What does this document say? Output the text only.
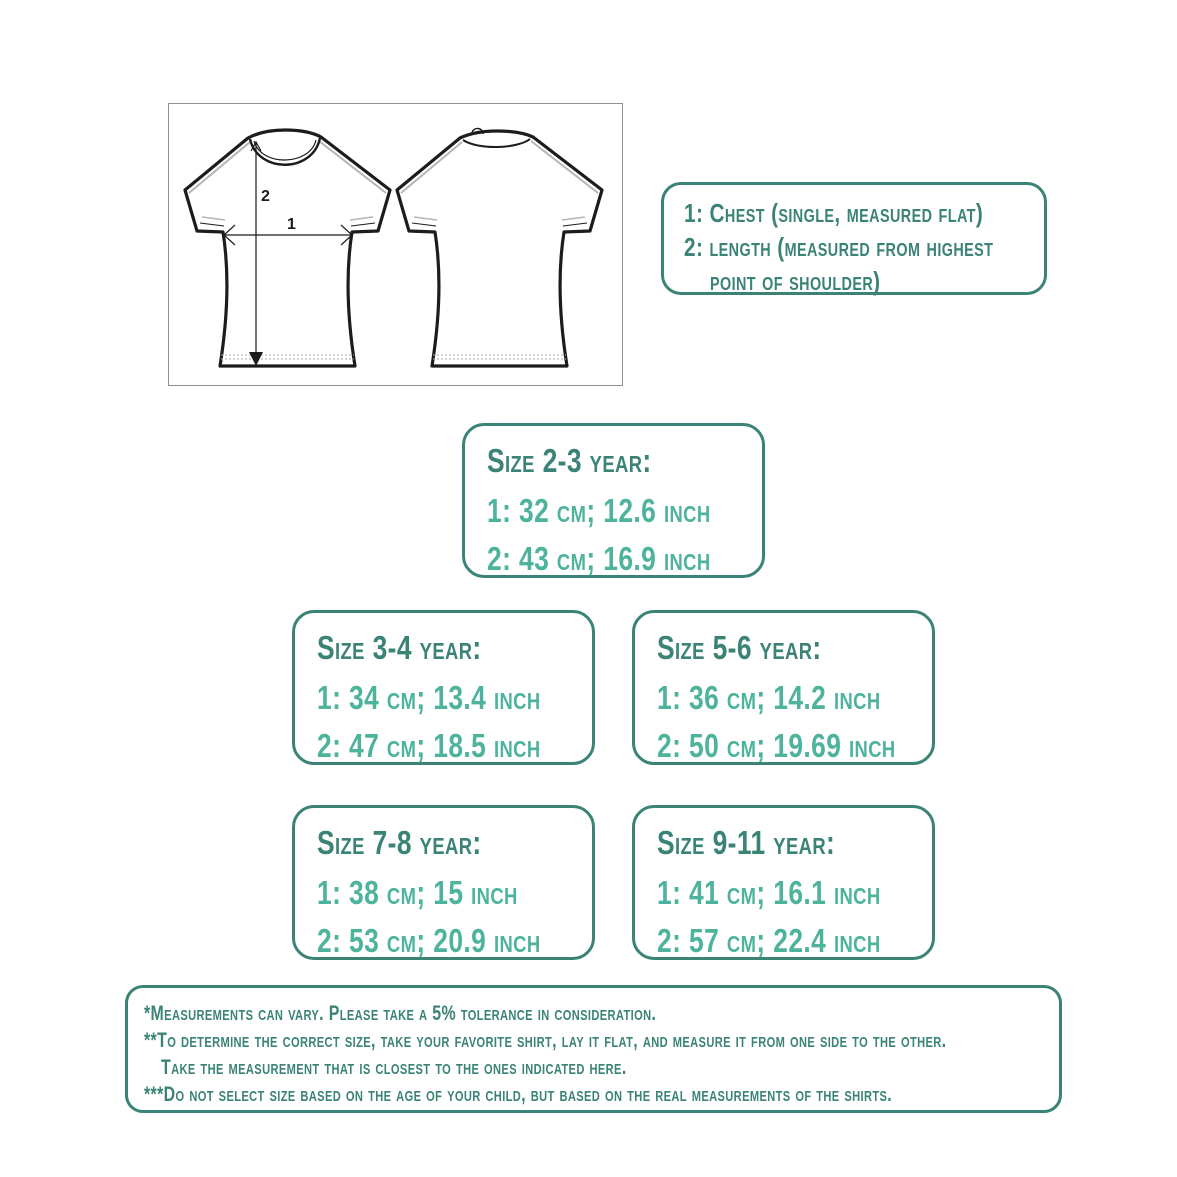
2
1	1: Chest (single, measured flat)
2: length (measured from highest
point of shoulder)
Size 2-3 year:
1: 32 cm; 12.6 inch
2: 43 cm; 16.9 inch
Size 3-4 year:
1: 34 cm; 13.4 inch
2: 47 cm; 18.5 inch
Size 5-6 year:
1: 36 cm; 14.2 inch
2: 50 cm; 19.69 inch
Size 7-8 year:
1: 38 cm; 15 inch
2: 53 cm; 20.9 inch
Size 9-11 year:
1: 41 cm; 16.1 inch
2: 57 cm; 22.4 inch
*Measurements can vary. Please take a 5% tolerance in consideration.
**To determine the correct size, take your favorite shirt, lay it flat, and measure it from one side to the other.
Take the measurement that is closest to the ones indicated here.
***Do not select size based on the age of your child, but based on the real measurements of the shirts.
